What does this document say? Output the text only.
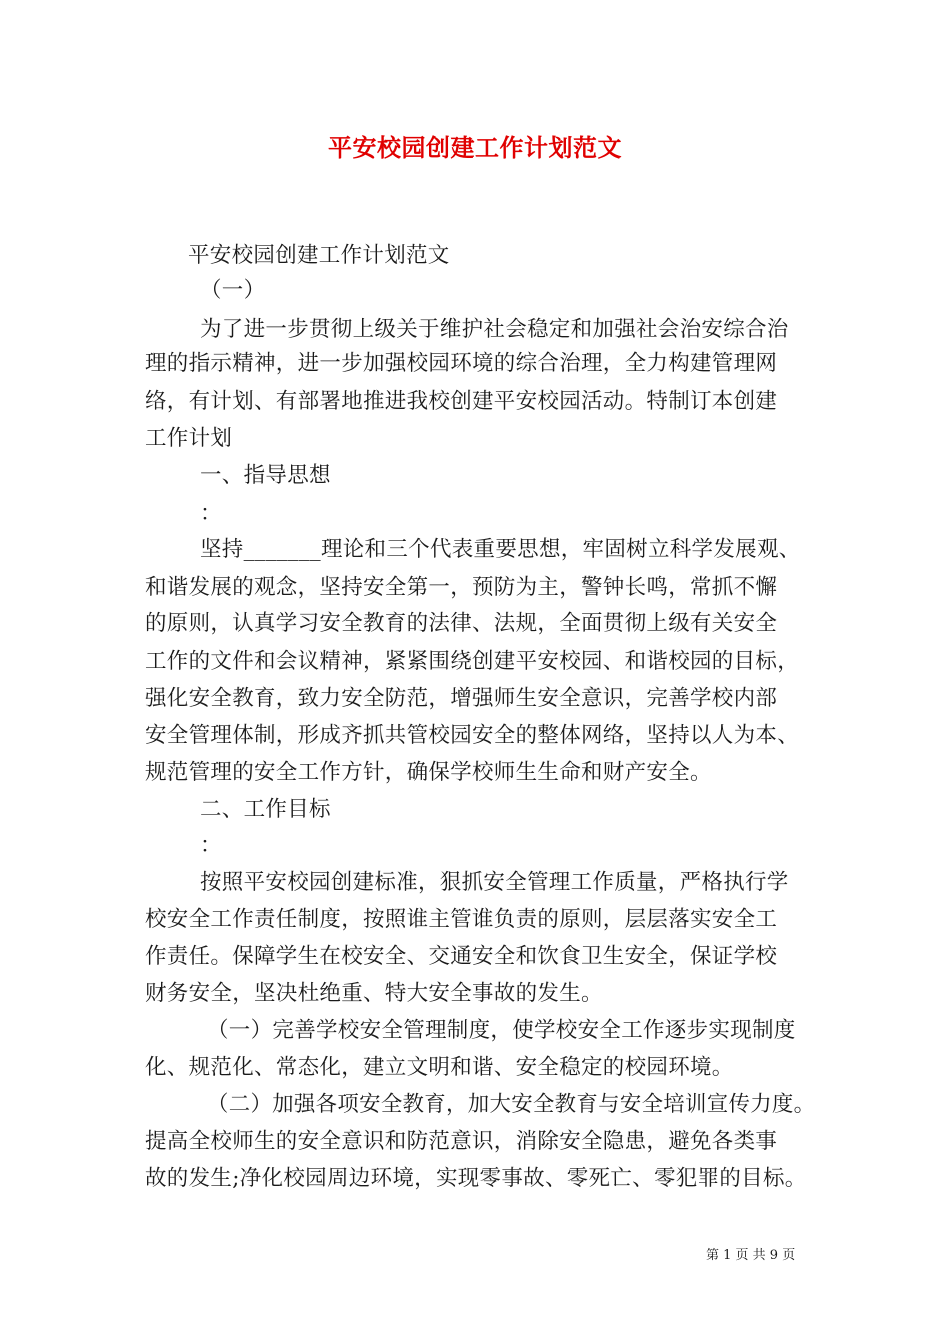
平安校园创建工作计划范文
平安校园创建工作计划范文
（一）
为了进一步贯彻上级关于维护社会稳定和加强社会治安综合治
理的指示精神，进一步加强校园环境的综合治理，全力构建管理网
络，有计划、有部署地推进我校创建平安校园活动。特制订本创建
工作计划
一、指导思想
：
坚持_______理论和三个代表重要思想，牢固树立科学发展观、
和谐发展的观念，坚持安全第一，预防为主，警钟长鸣，常抓不懈
的原则，认真学习安全教育的法律、法规，全面贯彻上级有关安全
工作的文件和会议精神，紧紧围绕创建平安校园、和谐校园的目标，
强化安全教育，致力安全防范，增强师生安全意识，完善学校内部
安全管理体制，形成齐抓共管校园安全的整体网络，坚持以人为本、
规范管理的安全工作方针，确保学校师生生命和财产安全。
二、工作目标
：
按照平安校园创建标准，狠抓安全管理工作质量，严格执行学
校安全工作责任制度，按照谁主管谁负责的原则，层层落实安全工
作责任。保障学生在校安全、交通安全和饮食卫生安全，保证学校
财务安全，坚决杜绝重、特大安全事故的发生。
（一）完善学校安全管理制度，使学校安全工作逐步实现制度
化、规范化、常态化，建立文明和谐、安全稳定的校园环境。
（二）加强各项安全教育，加大安全教育与安全培训宣传力度。
提高全校师生的安全意识和防范意识，消除安全隐患，避免各类事
故的发生;净化校园周边环境，实现零事故、零死亡、零犯罪的目标。
第 1 页 共 9 页
